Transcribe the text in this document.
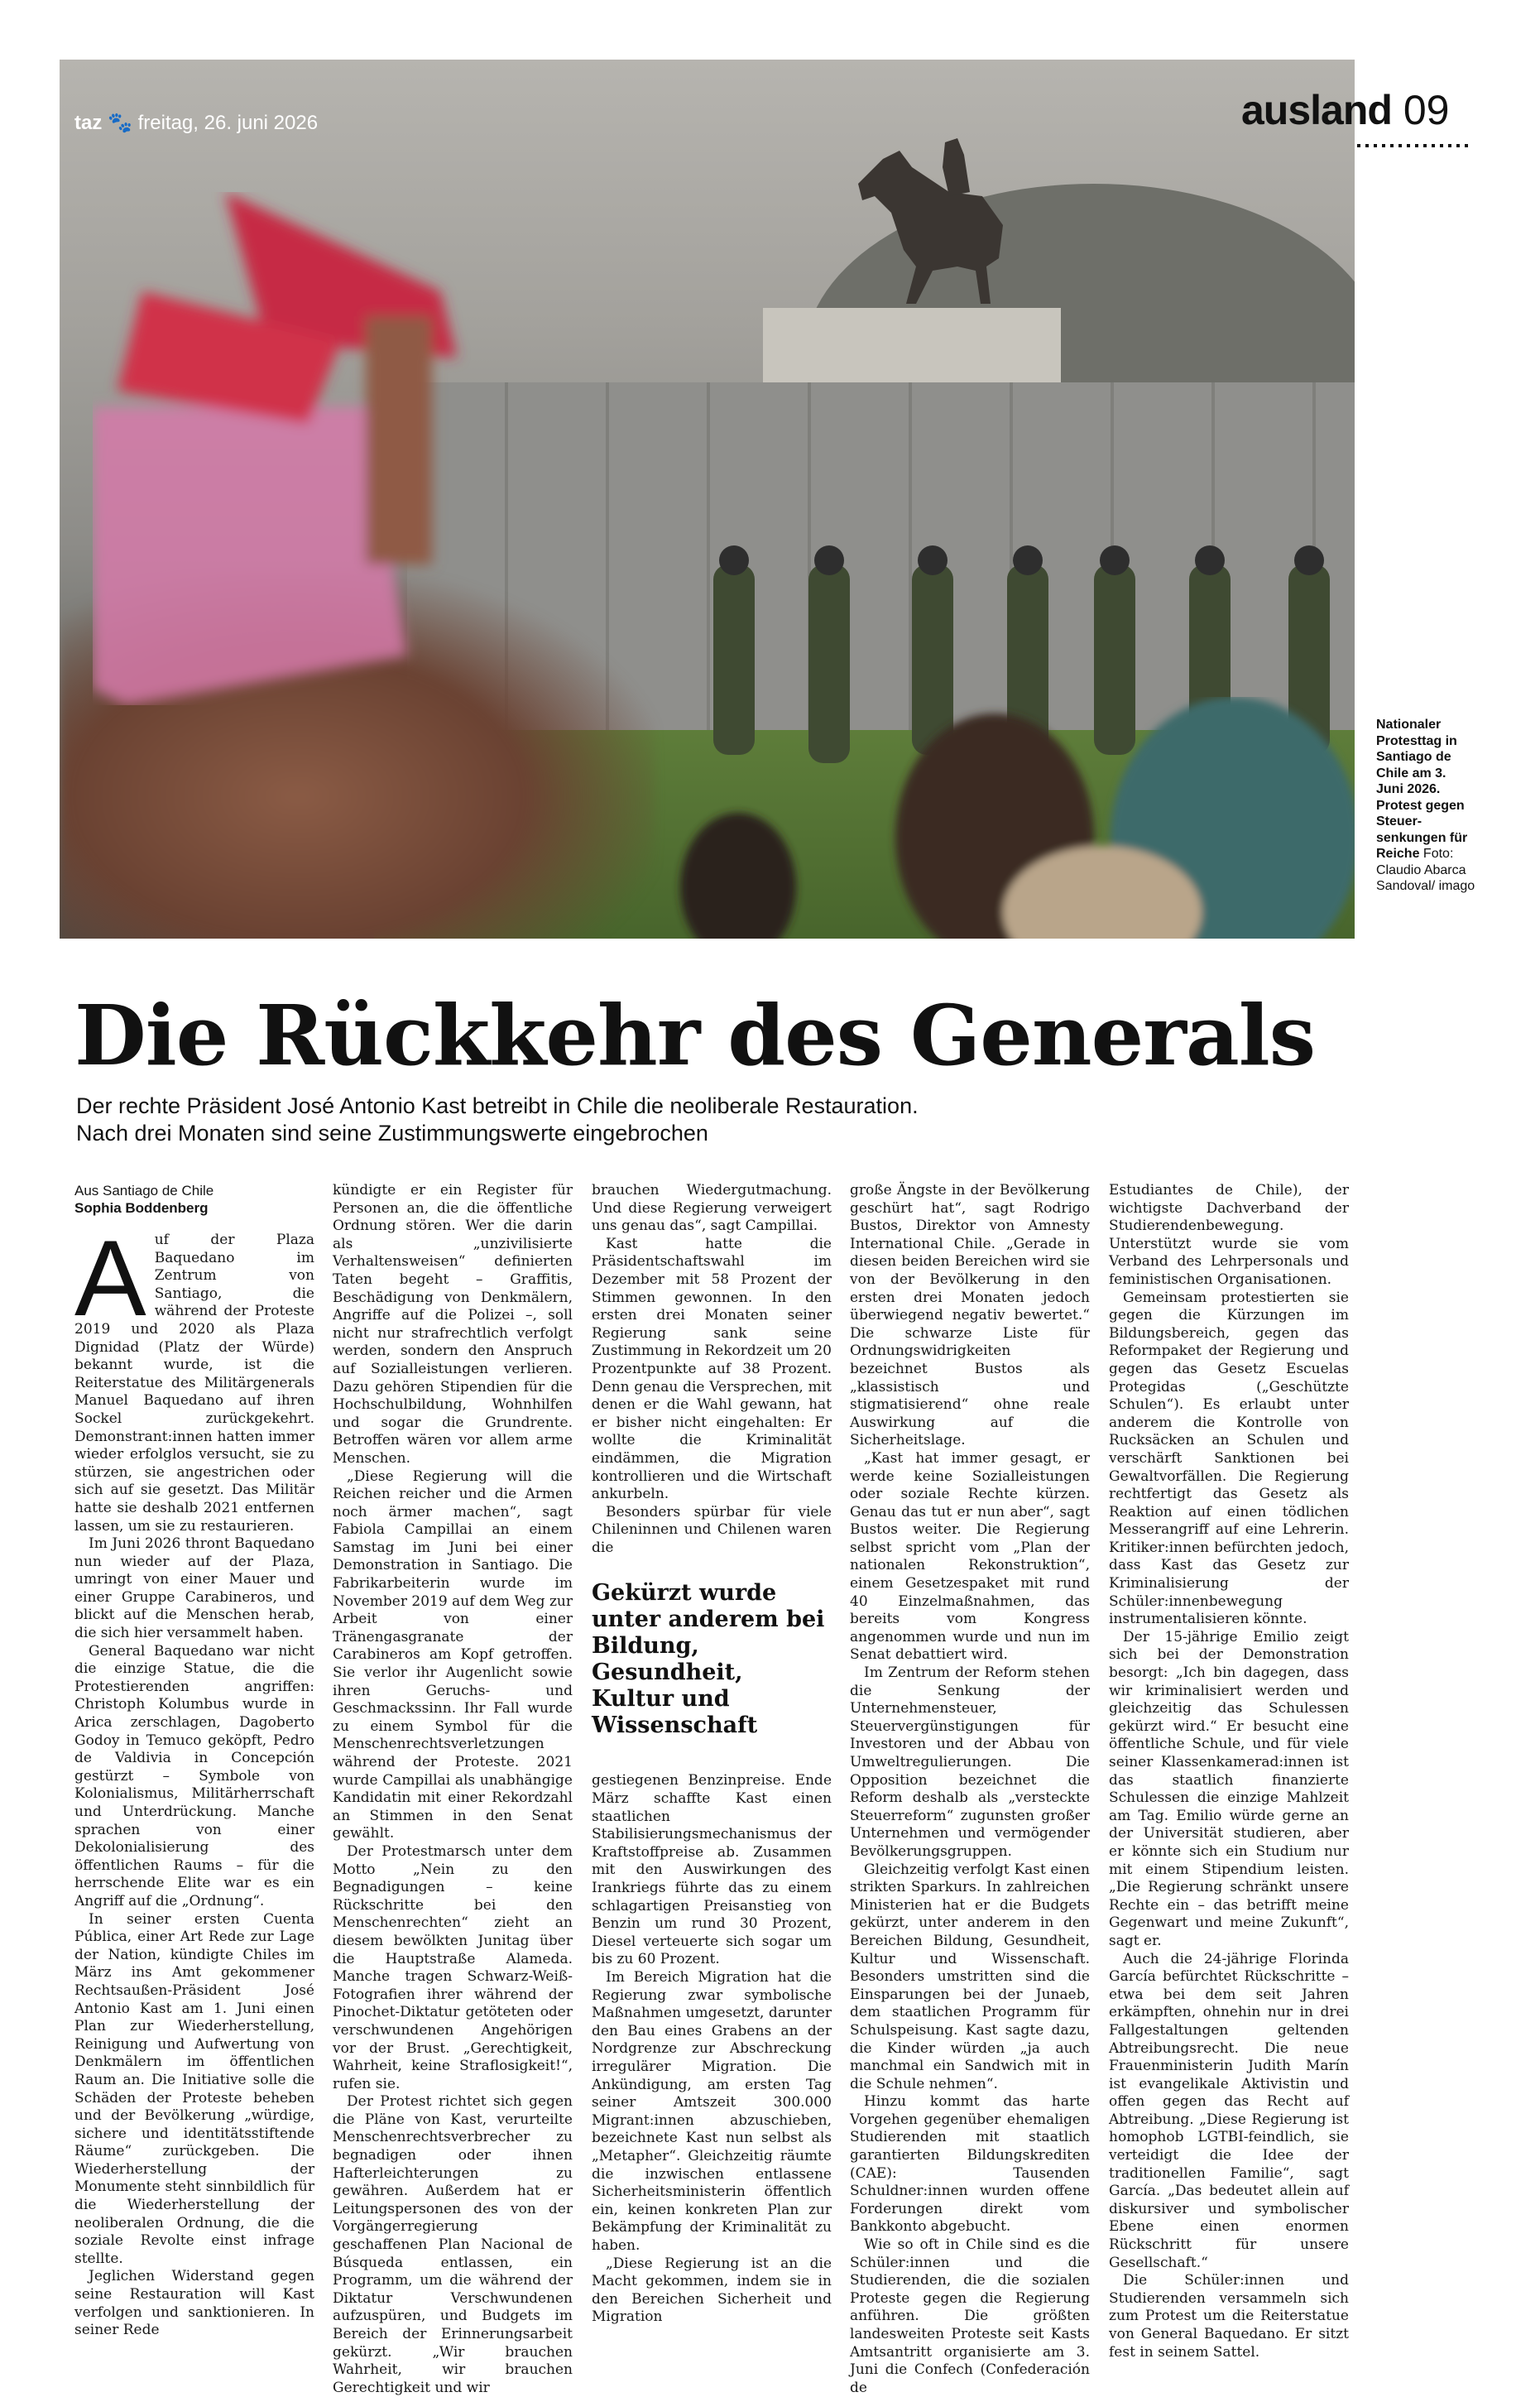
taz 🐾 freitag, 26. juni 2026	ausland 09
Nationaler Protesttag in Santiago de Chile am 3. Juni 2026. Protest gegen Steuersenkungen für Reiche Foto: Claudio Abarca Sandoval/ imago
Die Rückkehr des Generals
Der rechte Präsident José Antonio Kast betreibt in Chile die neoliberale Restauration.
Nach drei Monaten sind seine Zustimmungswerte eingebrochen
Aus Santiago de Chile
Sophia Boddenberg

Auf der Plaza Baquedano im Zentrum von Santiago, die während der Proteste 2019 und 2020 als Plaza Dignidad (Platz der Würde) bekannt wurde, ist die Reiterstatue des Militärgenerals Manuel Baquedano auf ihren Sockel zurückgekehrt. Demonstrant:innen hatten immer wieder erfolglos versucht, sie zu stürzen, sie angestrichen oder sich auf sie gesetzt. Das Militär hatte sie deshalb 2021 entfernen lassen, um sie zu restaurieren.

Im Juni 2026 thront Baquedano nun wieder auf der Plaza, umringt von einer Mauer und einer Gruppe Carabineros, und blickt auf die Menschen herab, die sich hier versammelt haben.

General Baquedano war nicht die einzige Statue, die die Protestierenden angriffen: Christoph Kolumbus wurde in Arica zerschlagen, Dagoberto Godoy in Temuco geköpft, Pedro de Valdivia in Concepción gestürzt – Symbole von Kolonialismus, Militärherrschaft und Unterdrückung. Manche sprachen von einer Dekolonialisierung des öffentlichen Raums – für die herrschende Elite war es ein Angriff auf die „Ordnung“.

In seiner ersten Cuenta Pública, einer Art Rede zur Lage der Nation, kündigte Chiles im März ins Amt gekommener Rechtsaußen-Präsident José Antonio Kast am 1. Juni einen Plan zur Wiederherstellung, Reinigung und Aufwertung von Denkmälern im öffentlichen Raum an. Die Initiative solle die Schäden der Proteste beheben und der Bevölkerung „würdige, sichere und identitätsstiftende Räume“ zurückgeben. Die Wiederherstellung der Monumente steht sinnbildlich für die Wiederherstellung der neoliberalen Ordnung, die die soziale Revolte einst infrage stellte.

Jeglichen Widerstand gegen seine Restauration will Kast verfolgen und sanktionieren. In seiner Rede

kündigte er ein Register für Personen an, die die öffentliche Ordnung stören. Wer die darin als „unzivilisierte Verhaltensweisen“ definierten Taten begeht – Graffitis, Beschädigung von Denkmälern, Angriffe auf die Polizei –, soll nicht nur strafrechtlich verfolgt werden, sondern den Anspruch auf Sozialleistungen verlieren. Dazu gehören Stipendien für die Hochschulbildung, Wohnhilfen und sogar die Grundrente. Betroffen wären vor allem arme Menschen.

„Diese Regierung will die Reichen reicher und die Armen noch ärmer machen“, sagt Fabiola Campillai an einem Samstag im Juni bei einer Demonstration in Santiago. Die Fabrikarbeiterin wurde im November 2019 auf dem Weg zur Arbeit von einer Tränengasgranate der Carabineros am Kopf getroffen. Sie verlor ihr Augenlicht sowie ihren Geruchs- und Geschmackssinn. Ihr Fall wurde zu einem Symbol für die Menschenrechtsverletzungen während der Proteste. 2021 wurde Campillai als unabhängige Kandidatin mit einer Rekordzahl an Stimmen in den Senat gewählt.

Der Protestmarsch unter dem Motto „Nein zu den Begnadigungen – keine Rückschritte bei den Menschenrechten“ zieht an diesem bewölkten Junitag über die Hauptstraße Alameda. Manche tragen Schwarz-Weiß-Fotografien ihrer während der Pinochet-Diktatur getöteten oder verschwundenen Angehörigen vor der Brust. „Gerechtigkeit, Wahrheit, keine Straflosigkeit!“, rufen sie.

Der Protest richtet sich gegen die Pläne von Kast, verurteilte Menschenrechtsverbrecher zu begnadigen oder ihnen Hafterleichterungen zu gewähren. Außerdem hat er Leitungspersonen des von der Vorgängerregierung geschaffenen Plan Nacional de Búsqueda entlassen, ein Programm, um die während der Diktatur Verschwundenen aufzuspüren, und Budgets im Bereich der Erinnerungsarbeit gekürzt. „Wir brauchen Wahrheit, wir brauchen Gerechtigkeit und wir

brauchen Wiedergutmachung. Und diese Regierung verweigert uns genau das“, sagt Campillai.

Kast hatte die Präsidentschaftswahl im Dezember mit 58 Prozent der Stimmen gewonnen. In den ersten drei Monaten seiner Regierung sank seine Zustimmung in Rekordzeit um 20 Prozentpunkte auf 38 Prozent. Denn genau die Versprechen, mit denen er die Wahl gewann, hat er bisher nicht eingehalten: Er wollte die Kriminalität eindämmen, die Migration kontrollieren und die Wirtschaft ankurbeln.

Besonders spürbar für viele Chileninnen und Chilenen waren die

Gekürzt wurde unter anderem bei Bildung, Gesundheit, Kultur und Wissenschaft

gestiegenen Benzinpreise. Ende März schaffte Kast einen staatlichen Stabilisierungsmechanismus der Kraftstoffpreise ab. Zusammen mit den Auswirkungen des Irankriegs führte das zu einem schlagartigen Preisanstieg von Benzin um rund 30 Prozent, Diesel verteuerte sich sogar um bis zu 60 Prozent.

Im Bereich Migration hat die Regierung zwar symbolische Maßnahmen umgesetzt, darunter den Bau eines Grabens an der Nordgrenze zur Abschreckung irregulärer Migration. Die Ankündigung, am ersten Tag seiner Amtszeit 300.000 Migrant:innen abzuschieben, bezeichnete Kast nun selbst als „Metapher“. Gleichzeitig räumte die inzwischen entlassene Sicherheitsministerin öffentlich ein, keinen konkreten Plan zur Bekämpfung der Kriminalität zu haben.

„Diese Regierung ist an die Macht gekommen, indem sie in den Bereichen Sicherheit und Migration

große Ängste in der Bevölkerung geschürt hat“, sagt Rodrigo Bustos, Direktor von Amnesty International Chile. „Gerade in diesen beiden Bereichen wird sie von der Bevölkerung in den ersten drei Monaten jedoch überwiegend negativ bewertet.“ Die schwarze Liste für Ordnungswidrigkeiten bezeichnet Bustos als „klassistisch und stigmatisierend“ ohne reale Auswirkung auf die Sicherheitslage.

„Kast hat immer gesagt, er werde keine Sozialleistungen oder soziale Rechte kürzen. Genau das tut er nun aber“, sagt Bustos weiter. Die Regierung selbst spricht vom „Plan der nationalen Rekonstruktion“, einem Gesetzespaket mit rund 40 Einzelmaßnahmen, das bereits vom Kongress angenommen wurde und nun im Senat debattiert wird.

Im Zentrum der Reform stehen die Senkung der Unternehmensteuer, Steuervergünstigungen für Investoren und der Abbau von Umweltregulierungen. Die Opposition bezeichnet die Reform deshalb als „versteckte Steuerreform“ zugunsten großer Unternehmen und vermögender Bevölkerungsgruppen.

Gleichzeitig verfolgt Kast einen strikten Sparkurs. In zahlreichen Ministerien hat er die Budgets gekürzt, unter anderem in den Bereichen Bildung, Gesundheit, Kultur und Wissenschaft. Besonders umstritten sind die Einsparungen bei der Junaeb, dem staatlichen Programm für Schulspeisung. Kast sagte dazu, die Kinder würden „ja auch manchmal ein Sandwich mit in die Schule nehmen“.

Hinzu kommt das harte Vorgehen gegenüber ehemaligen Studierenden mit staatlich garantierten Bildungskrediten (CAE): Tausenden Schuldner:innen wurden offene Forderungen direkt vom Bankkonto abgebucht.

Wie so oft in Chile sind es die Schüler:innen und die Studierenden, die die sozialen Proteste gegen die Regierung anführen. Die größten landesweiten Proteste seit Kasts Amtsantritt organisierte am 3. Juni die Confech (Confederación de

Estudiantes de Chile), der wichtigste Dachverband der Studierendenbewegung. Unterstützt wurde sie vom Verband des Lehrpersonals und feministischen Organisationen.

Gemeinsam protestierten sie gegen die Kürzungen im Bildungsbereich, gegen das Reformpaket der Regierung und gegen das Gesetz Escuelas Protegidas („Geschützte Schulen“). Es erlaubt unter anderem die Kontrolle von Rucksäcken an Schulen und verschärft Sanktionen bei Gewaltvorfällen. Die Regierung rechtfertigt das Gesetz als Reaktion auf einen tödlichen Messerangriff auf eine Lehrerin. Kritiker:innen befürchten jedoch, dass Kast das Gesetz zur Kriminalisierung der Schüler:innenbewegung instrumentalisieren könnte.

Der 15-jährige Emilio zeigt sich bei der Demonstration besorgt: „Ich bin dagegen, dass wir kriminalisiert werden und gleichzeitig das Schulessen gekürzt wird.“ Er besucht eine öffentliche Schule, und für viele seiner Klassenkamerad:innen ist das staatlich finanzierte Schulessen die einzige Mahlzeit am Tag. Emilio würde gerne an der Universität studieren, aber er könnte sich ein Studium nur mit einem Stipendium leisten. „Die Regierung schränkt unsere Rechte ein – das betrifft meine Gegenwart und meine Zukunft“, sagt er.

Auch die 24-jährige Florinda García befürchtet Rückschritte – etwa bei dem seit Jahren erkämpften, ohnehin nur in drei Fallgestaltungen geltenden Abtreibungsrecht. Die neue Frauenministerin Judith Marín ist evangelikale Aktivistin und offen gegen das Recht auf Abtreibung. „Diese Regierung ist homophob LGTBI-feindlich, sie verteidigt die Idee der traditionellen Familie“, sagt García. „Das bedeutet allein auf diskursiver und symbolischer Ebene einen enormen Rückschritt für unsere Gesellschaft.“

Die Schüler:innen und Studierenden versammeln sich zum Protest um die Reiterstatue von General Baquedano. Er sitzt fest in seinem Sattel.
